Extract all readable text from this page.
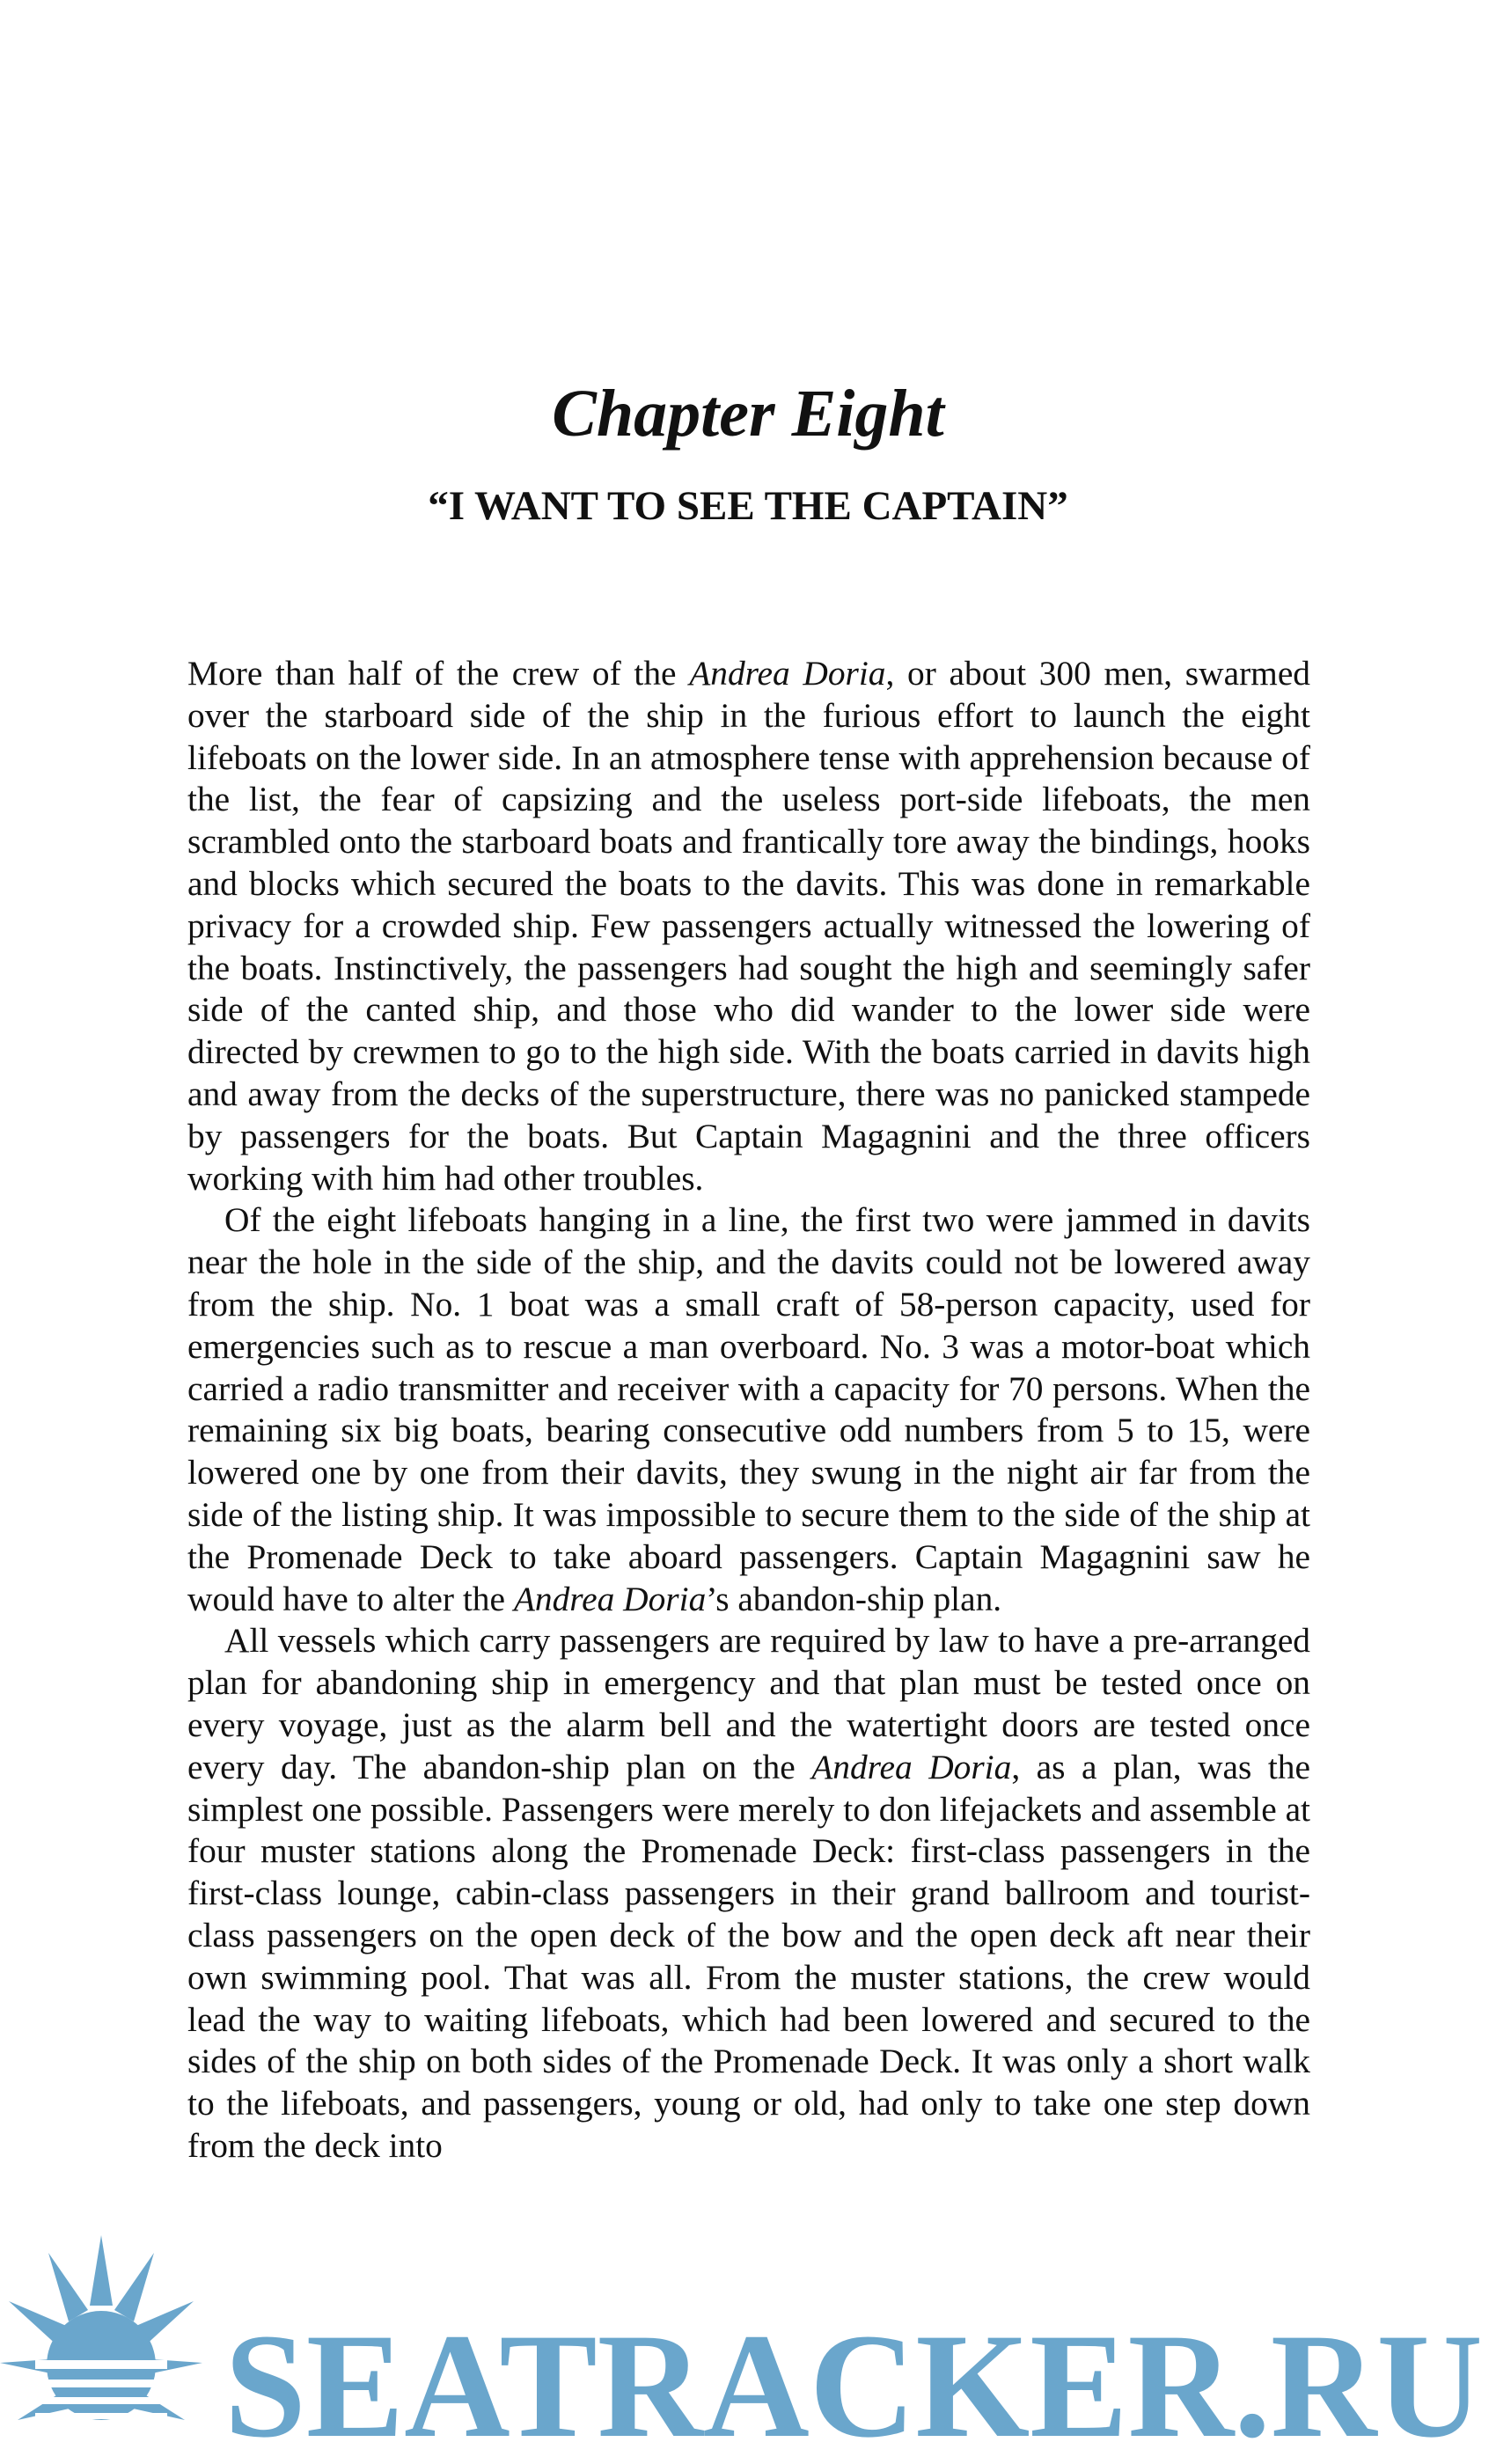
Chapter Eight
“I WANT TO SEE THE CAPTAIN”

More than half of the crew of the Andrea Doria, or about 300 men, swarmed over the starboard side of the ship in the furious effort to launch the eight lifeboats on the lower side. In an atmosphere tense with apprehension because of the list, the fear of capsizing and the useless port-side lifeboats, the men scrambled onto the starboard boats and frantically tore away the bindings, hooks and blocks which secured the boats to the davits. This was done in remarkable privacy for a crowded ship. Few passengers actually witnessed the lowering of the boats. Instinctively, the passengers had sought the high and seemingly safer side of the canted ship, and those who did wander to the lower side were directed by crewmen to go to the high side. With the boats carried in davits high and away from the decks of the superstructure, there was no panicked stampede by passengers for the boats. But Captain Magagnini and the three officers working with him had other troubles.

Of the eight lifeboats hanging in a line, the first two were jammed in davits near the hole in the side of the ship, and the davits could not be lowered away from the ship. No. 1 boat was a small craft of 58-person capacity, used for emergencies such as to rescue a man overboard. No. 3 was a motor-boat which carried a radio transmitter and receiver with a capacity for 70 persons. When the remaining six big boats, bearing consecutive odd numbers from 5 to 15, were lowered one by one from their davits, they swung in the night air far from the side of the listing ship. It was impossible to secure them to the side of the ship at the Promenade Deck to take aboard passengers. Captain Magagnini saw he would have to alter the Andrea Doria’s abandon-ship plan.

All vessels which carry passengers are required by law to have a pre-arranged plan for abandoning ship in emergency and that plan must be tested once on every voyage, just as the alarm bell and the watertight doors are tested once every day. The abandon-ship plan on the Andrea Doria, as a plan, was the simplest one possible. Passengers were merely to don lifejackets and assemble at four muster stations along the Promenade Deck: first-class passengers in the first-class lounge, cabin-class passengers in their grand ballroom and tourist-class passengers on the open deck of the bow and the open deck aft near their own swimming pool. That was all. From the muster stations, the crew would lead the way to waiting lifeboats, which had been lowered and secured to the sides of the ship on both sides of the Promenade Deck. It was only a short walk to the lifeboats, and passengers, young or old, had only to take one step down from the deck into

SEATRACKER.RU
